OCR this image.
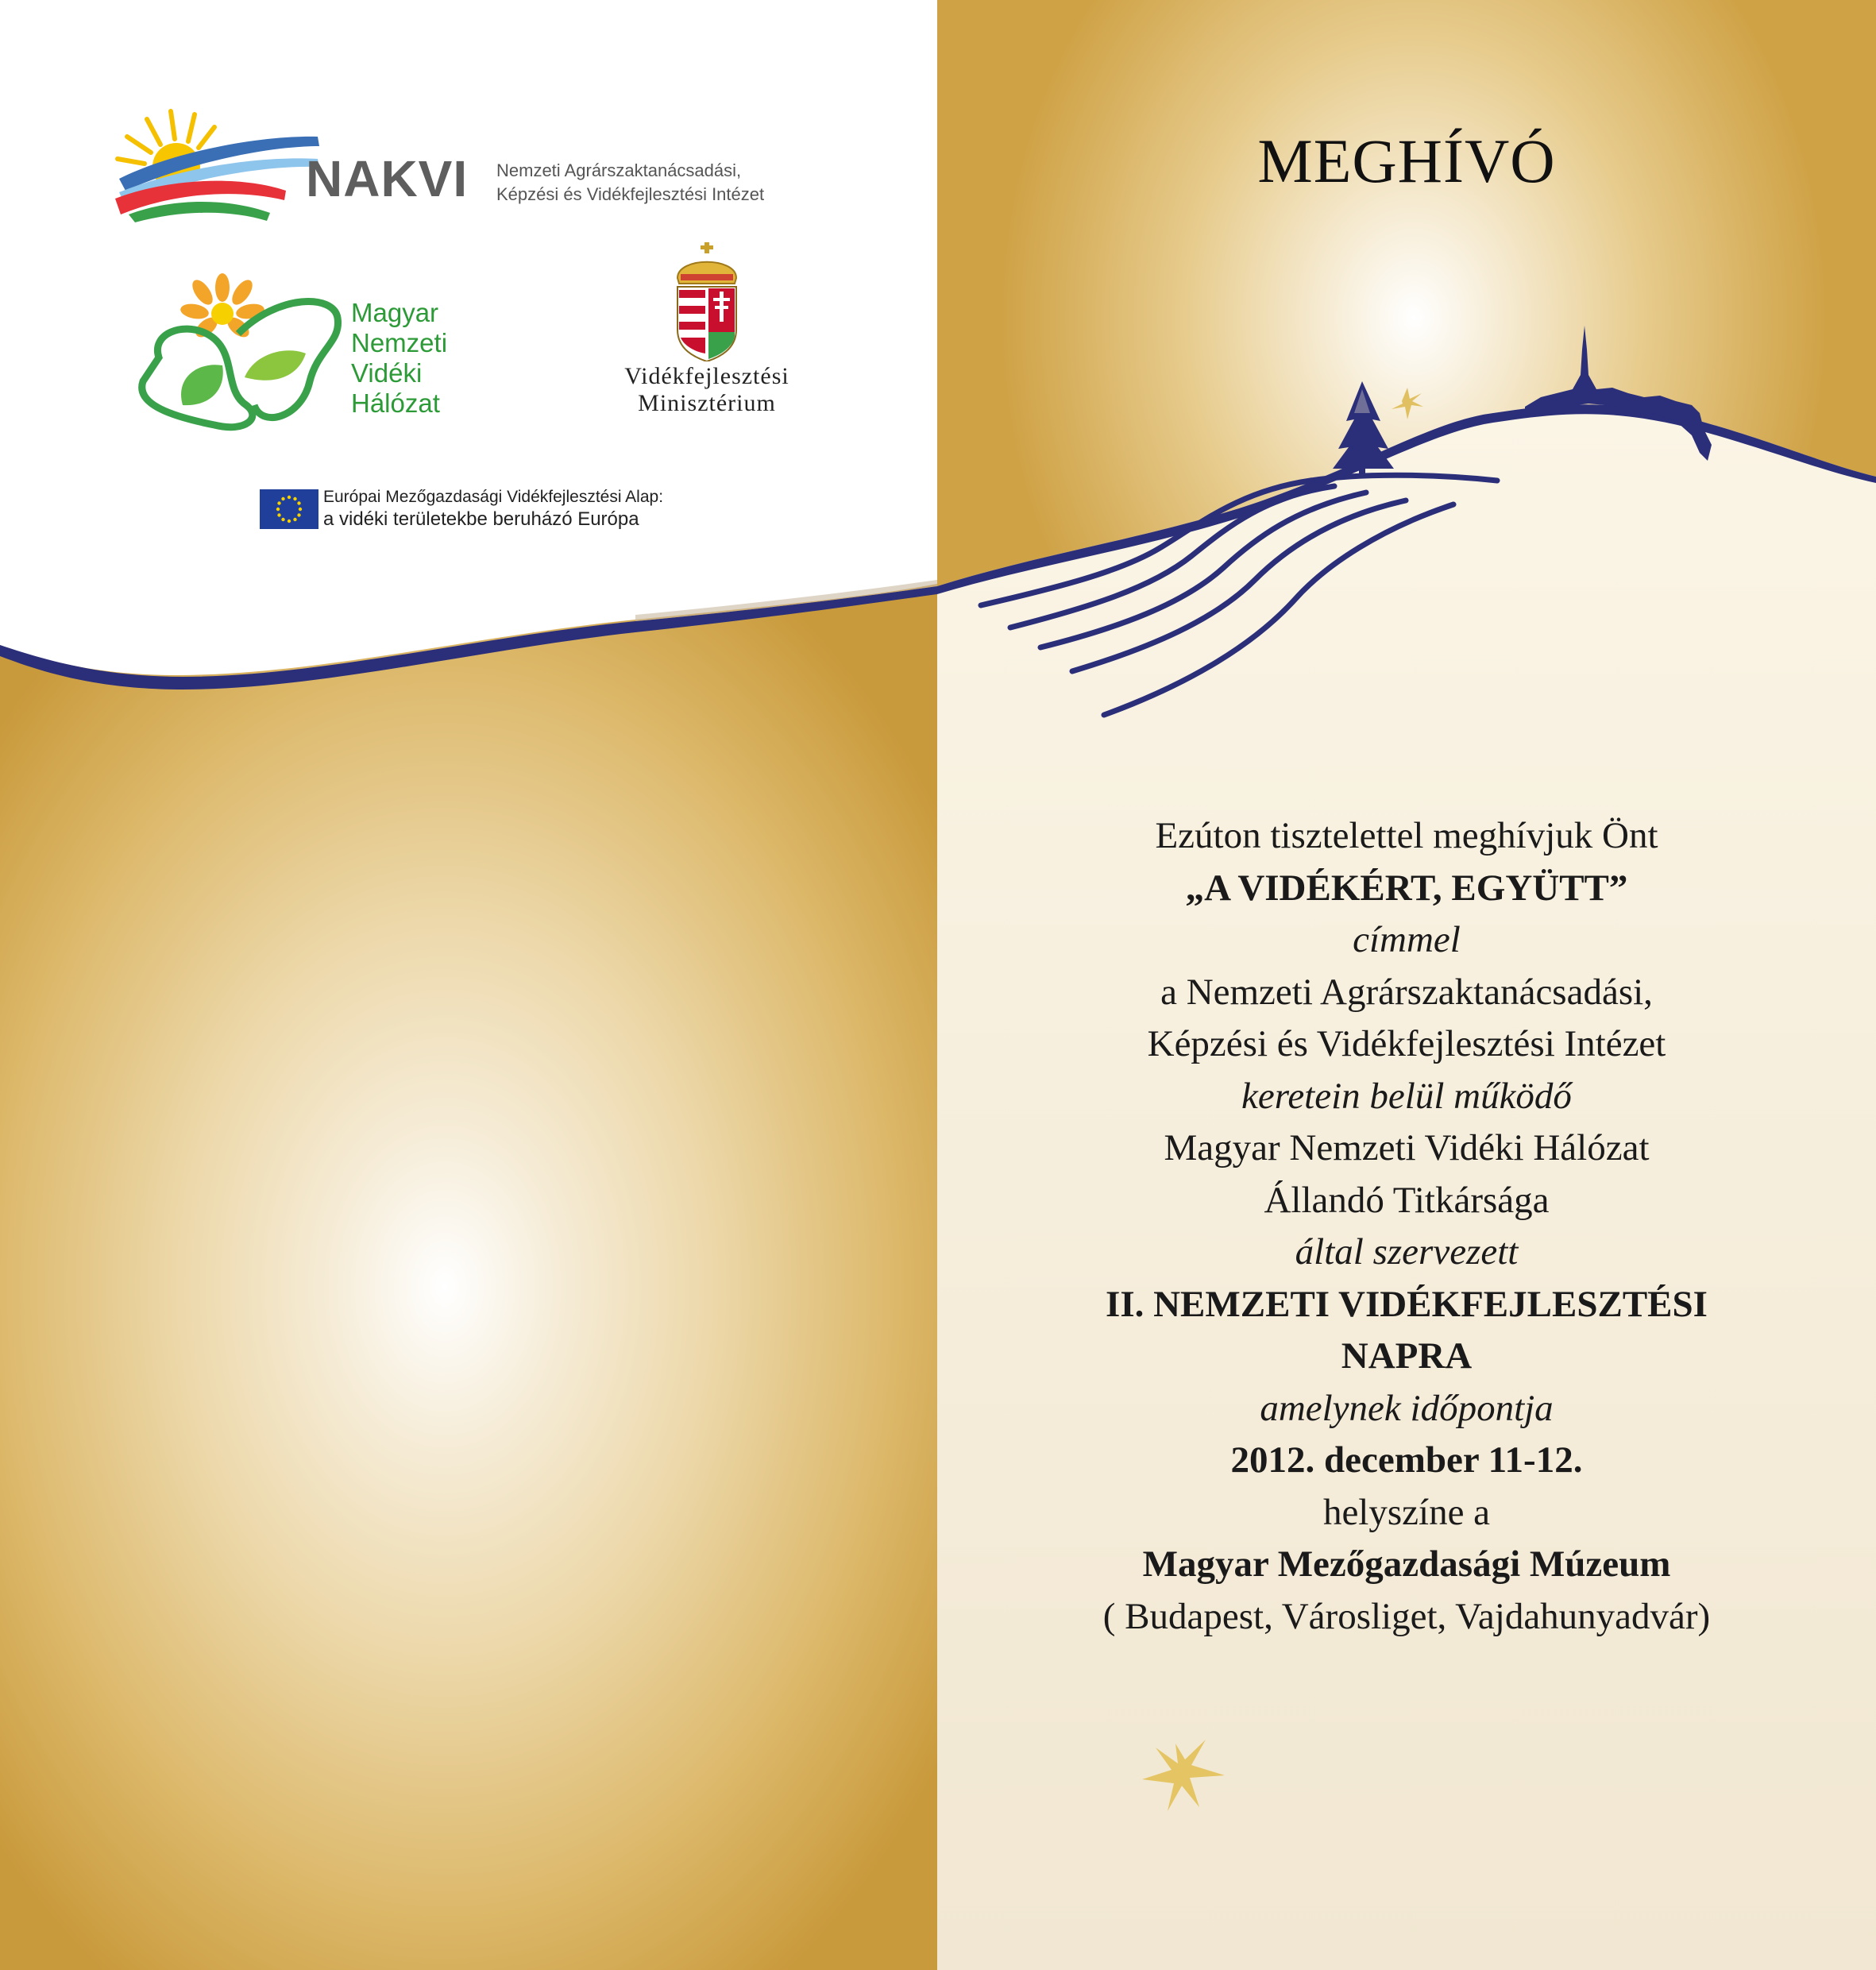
NAKVI Nemzeti Agrárszaktanácsadási,
Képzési és Vidékfejlesztési Intézet
Magyar
Nemzeti
Vidéki
Hálózat
Vidékfejlesztési
Minisztérium
Európai Mezőgazdasági Vidékfejlesztési Alap:
a vidéki területekbe beruházó Európa
MEGHÍVÓ
Ezúton tisztelettel meghívjuk Önt
„A VIDÉKÉRT, EGYÜTT”
címmel
a Nemzeti Agrárszaktanácsadási,
Képzési és Vidékfejlesztési Intézet
keretein belül működő
Magyar Nemzeti Vidéki Hálózat
Állandó Titkársága
által szervezett
II. NEMZETI VIDÉKFEJLESZTÉSI
NAPRA
amelynek időpontja
2012. december 11-12.
helyszíne a
Magyar Mezőgazdasági Múzeum
( Budapest, Városliget, Vajdahunyadvár)
